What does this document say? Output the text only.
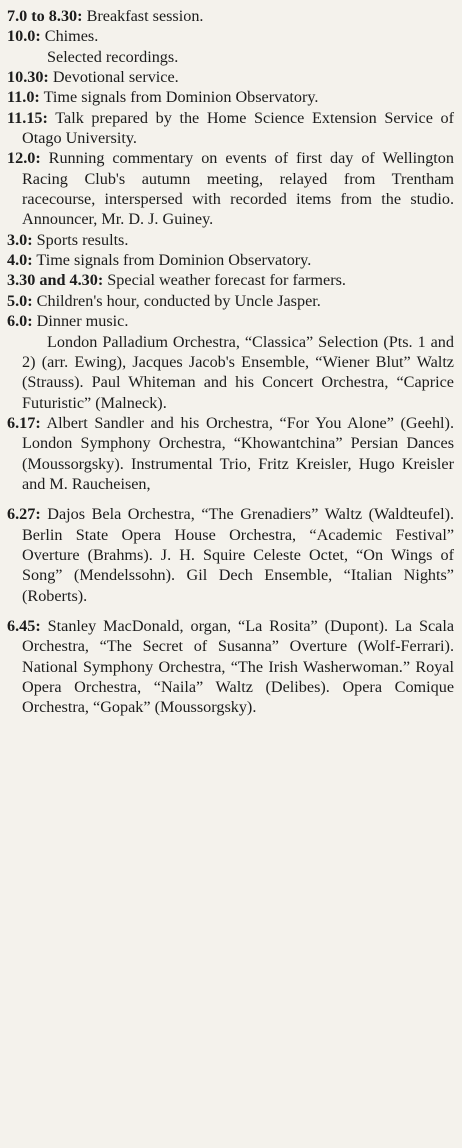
7.0 to 8.30: Breakfast session.

10.0: Chimes.

Selected recordings.

10.30: Devotional service.

11.0: Time signals from Dominion Observatory.

11.15: Talk prepared by the Home Science Extension Service of Otago University.

12.0: Running commentary on events of first day of Wellington Racing Club's autumn meeting, relayed from Trentham racecourse, interspersed with recorded items from the studio. Announcer, Mr. D. J. Guiney.

3.0: Sports results.

4.0: Time signals from Dominion Observatory.

3.30 and 4.30: Special weather forecast for farmers.

5.0: Children's hour, conducted by Uncle Jasper.

6.0: Dinner music.

London Palladium Orchestra, “Classica” Selection (Pts. 1 and 2) (arr. Ewing), Jacques Jacob's Ensemble, “Wiener Blut” Waltz (Strauss). Paul Whiteman and his Concert Orchestra, “Caprice Futuristic” (Malneck).

6.17: Albert Sandler and his Orchestra, “For You Alone” (Geehl). London Symphony Orchestra, “Khowantchina” Persian Dances (Moussorgsky). Instrumental Trio, Fritz Kreisler, Hugo Kreisler and M. Raucheisen,

6.27: Dajos Bela Orchestra, “The Grenadiers” Waltz (Waldteufel). Berlin State Opera House Orchestra, “Academic Festival” Overture (Brahms). J. H. Squire Celeste Octet, “On Wings of Song” (Mendelssohn). Gil Dech Ensemble, “Italian Nights” (Roberts).

6.45: Stanley MacDonald, organ, “La Rosita” (Dupont). La Scala Orchestra, “The Secret of Susanna” Overture (Wolf-Ferrari). National Symphony Orchestra, “The Irish Washerwoman.” Royal Opera Orchestra, “Naila” Waltz (Delibes). Opera Comique Orchestra, “Gopak” (Moussorgsky).
